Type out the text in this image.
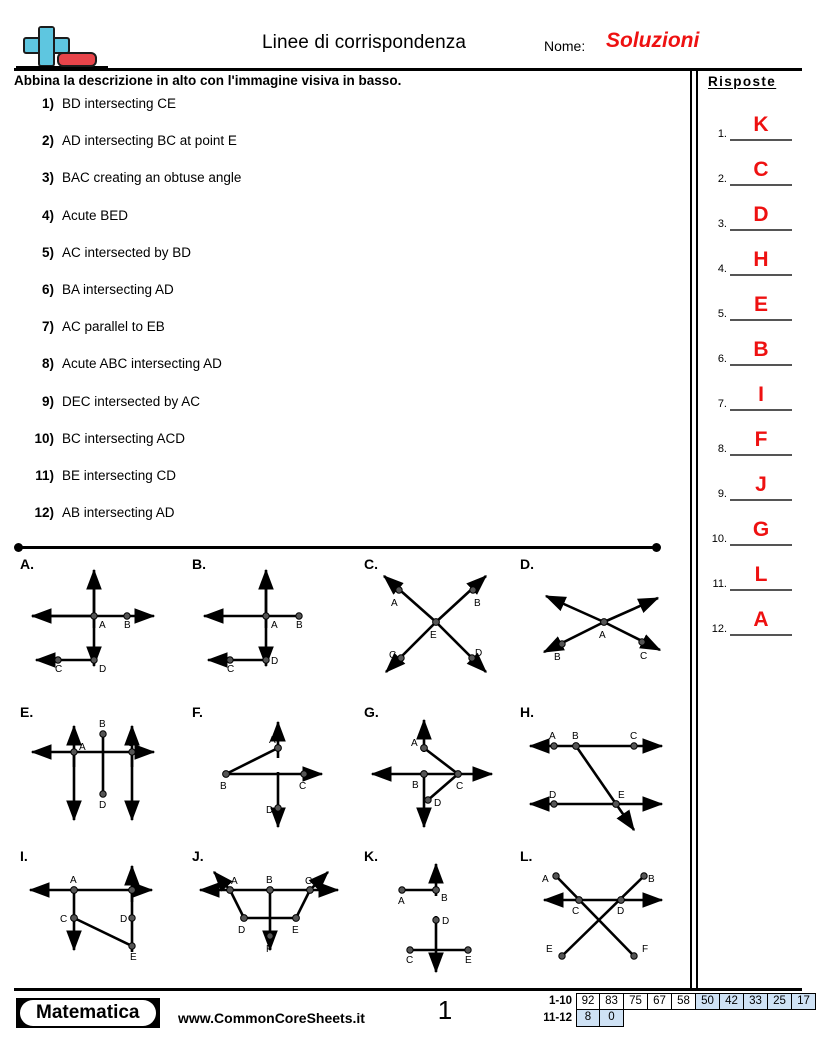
Linee di corrispondenza	Nome: Soluzioni
Abbina la descrizione in alto con l'immagine visiva in basso.
1) BD intersecting CE
2) AD intersecting BC at point E
3) BAC creating an obtuse angle
4) Acute BED
5) AC intersected by BD
6) BA intersecting AD
7) AC parallel to EB
8) Acute ABC intersecting AD
9) DEC intersected by AC
10) BC intersecting ACD
11) BE intersecting CD
12) AB intersecting AD
Risposte
1.	K
2.	C
3.	D
4.	H
5.	E
6.	B
7.	I
8.	F
9.	J
10.	G
11.	L
12.	A
A.
A B
C	D
B.
A B
C
D
C.
A	B
C	D
E
D.
A
B	C
E.
A
B
C
D
F.
A
B	C
D
G.
A
B	C
D
H.
A B	C
D	E
I.
A	B
C	D
E
J.
A	B	C
D	E
F
K.
A	B
C
D
E
L.
A	B
C	D
E	F
Matematica	www.CommonCoreSheets.it	1	1-10 92 83 75 67 58 50 42 33 25 17
11-12	8	0
